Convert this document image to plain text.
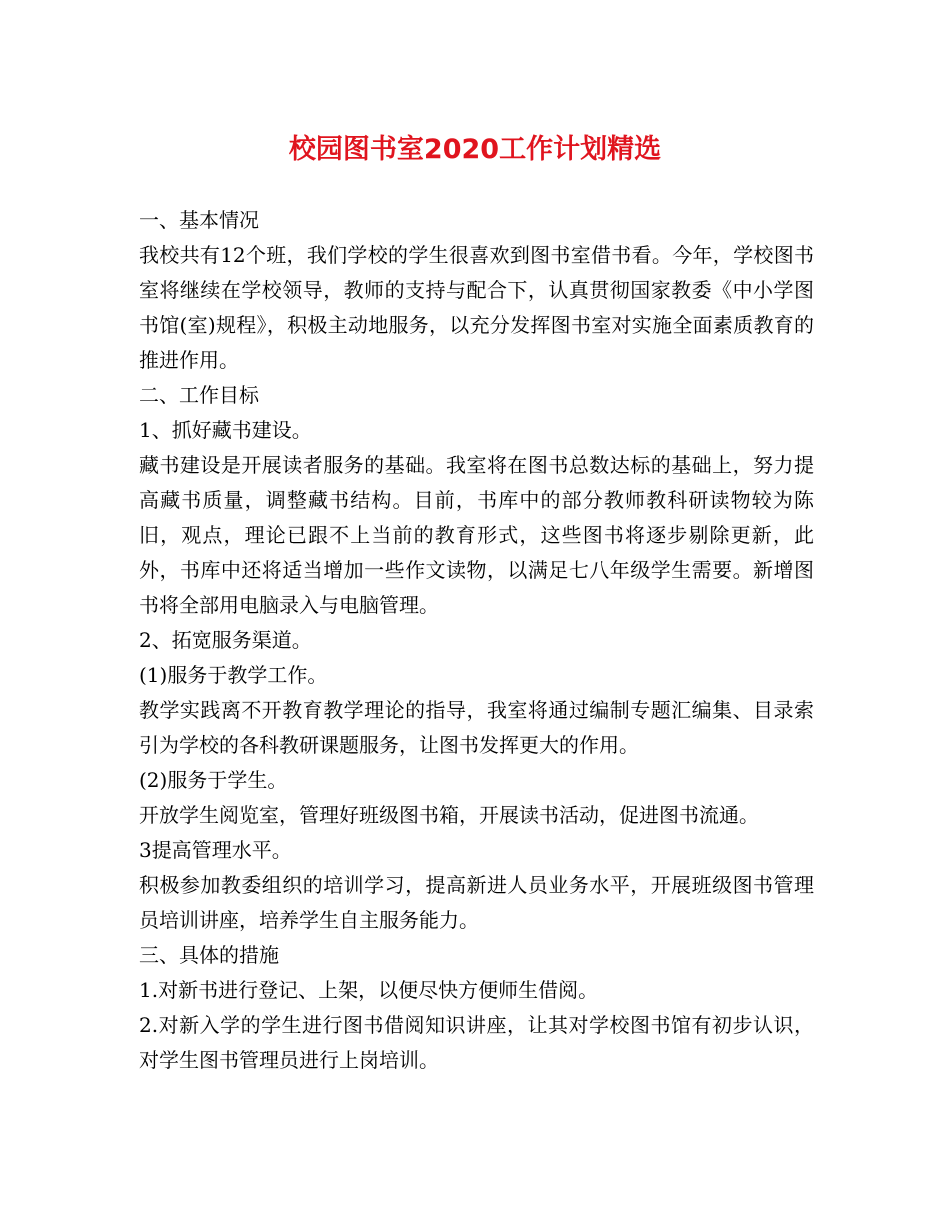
校园图书室2020工作计划精选

一、基本情况

我校共有12个班，我们学校的学生很喜欢到图书室借书看。今年，学校图书室将继续在学校领导，教师的支持与配合下，认真贯彻国家教委《中小学图书馆(室)规程》，积极主动地服务，以充分发挥图书室对实施全面素质教育的推进作用。

二、工作目标

1、抓好藏书建设。

藏书建设是开展读者服务的基础。我室将在图书总数达标的基础上，努力提高藏书质量，调整藏书结构。目前，书库中的部分教师教科研读物较为陈旧，观点，理论已跟不上当前的教育形式，这些图书将逐步剔除更新，此外，书库中还将适当增加一些作文读物，以满足七八年级学生需要。新增图书将全部用电脑录入与电脑管理。

2、拓宽服务渠道。

(1)服务于教学工作。

教学实践离不开教育教学理论的指导，我室将通过编制专题汇编集、目录索引为学校的各科教研课题服务，让图书发挥更大的作用。

(2)服务于学生。

开放学生阅览室，管理好班级图书箱，开展读书活动，促进图书流通。

3提高管理水平。

积极参加教委组织的培训学习，提高新进人员业务水平，开展班级图书管理员培训讲座，培养学生自主服务能力。

三、具体的措施

1.对新书进行登记、上架，以便尽快方便师生借阅。

2.对新入学的学生进行图书借阅知识讲座，让其对学校图书馆有初步认识，对学生图书管理员进行上岗培训。
